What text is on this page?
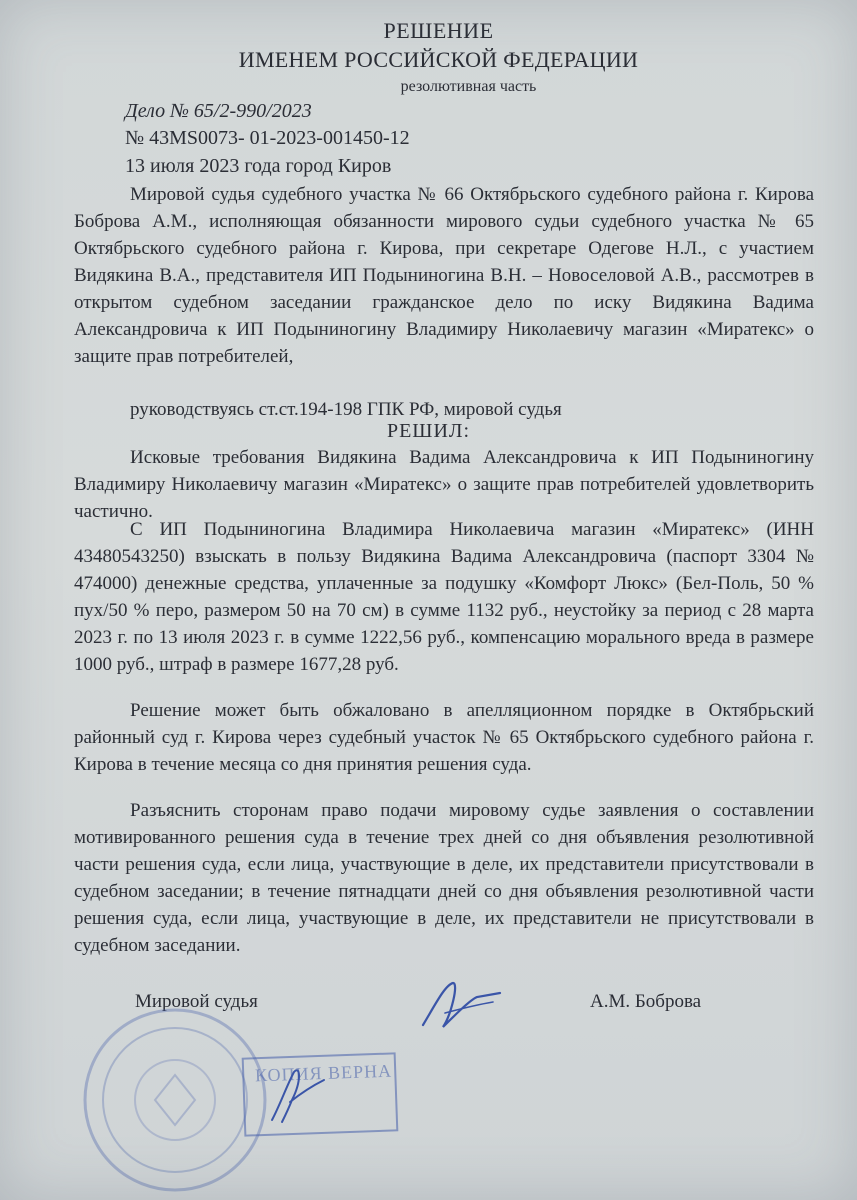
РЕШЕНИЕ
ИМЕНЕМ РОССИЙСКОЙ ФЕДЕРАЦИИ
резолютивная часть
Дело № 65/2-990/2023
№ 43MS0073- 01-2023-001450-12
13 июля 2023 года город Киров

Мировой судья судебного участка № 66 Октябрьского судебного района г. Кирова Боброва А.М., исполняющая обязанности мирового судьи судебного участка № 65 Октябрьского судебного района г. Кирова, при секретаре Одегове Н.Л., с участием Видякина В.А., представителя ИП Подыниногина В.Н. – Новоселовой А.В., рассмотрев в открытом судебном заседании гражданское дело по иску Видякина Вадима Александровича к ИП Подыниногину Владимиру Николаевичу магазин «Миратекс» о защите прав потребителей,

руководствуясь ст.ст.194-198 ГПК РФ, мировой судья

РЕШИЛ:

Исковые требования Видякина Вадима Александровича к ИП Подыниногину Владимиру Николаевичу магазин «Миратекс» о защите прав потребителей удовлетворить частично.

С ИП Подыниногина Владимира Николаевича магазин «Миратекс» (ИНН 43480543250) взыскать в пользу Видякина Вадима Александровича (паспорт 3304 № 474000) денежные средства, уплаченные за подушку «Комфорт Люкс» (Бел-Поль, 50 % пух/50 % перо, размером 50 на 70 см) в сумме 1132 руб., неустойку за период с 28 марта 2023 г. по 13 июля 2023 г. в сумме 1222,56 руб., компенсацию морального вреда в размере 1000 руб., штраф в размере 1677,28 руб.

Решение может быть обжаловано в апелляционном порядке в Октябрьский районный суд г. Кирова через судебный участок № 65 Октябрьского судебного района г. Кирова в течение месяца со дня принятия решения суда.

Разъяснить сторонам право подачи мировому судье заявления о составлении мотивированного решения суда в течение трех дней со дня объявления резолютивной части решения суда, если лица, участвующие в деле, их представители присутствовали в судебном заседании; в течение пятнадцати дней со дня объявления резолютивной части решения суда, если лица, участвующие в деле, их представители не присутствовали в судебном заседании.

Мировой судья	А.М. Боброва
КОПИЯ ВЕРНА
